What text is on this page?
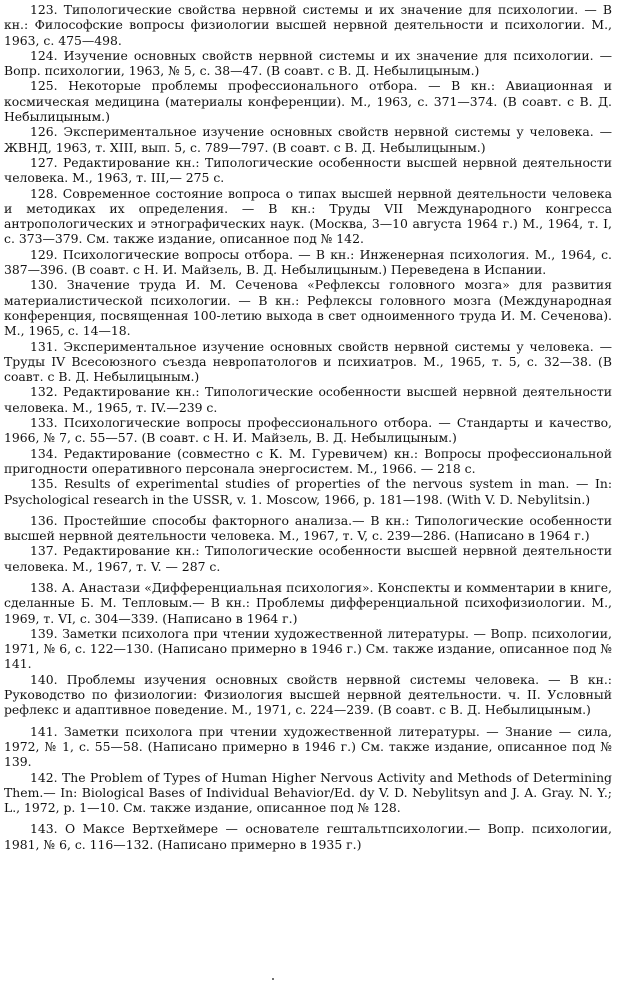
123. Типологические свойства нервной системы и их значение для психологии. — В кн.: Философские вопросы физиологии высшей нервной деятельности и психологии. М., 1963, с. 475—498.

124. Изучение основных свойств нервной системы и их значение для психологии. — Вопр. психологии, 1963, № 5, с. 38—47. (В соавт. с В. Д. Небылицыным.)

125. Некоторые проблемы профессионального отбора. — В кн.: Авиационная и космическая медицина (материалы конференции). М., 1963, с. 371—374. (В соавт. с В. Д. Небылицыным.)

126. Экспериментальное изучение основных свойств нервной системы у человека. — ЖВНД, 1963, т. XIII, вып. 5, с. 789—797. (В соавт. с В. Д. Небылицыным.)

127. Редактирование кн.: Типологические особенности высшей нервной деятельности человека. М., 1963, т. III,— 275 с.

128. Современное состояние вопроса о типах высшей нервной деятельности человека и методиках их определения. — В кн.: Труды VII Международного конгресса антропологических и этнографических наук. (Москва, 3—10 августа 1964 г.) М., 1964, т. I, с. 373—379. См. также издание, описанное под № 142.

129. Психологические вопросы отбора. — В кн.: Инженерная психология. М., 1964, с. 387—396. (В соавт. с Н. И. Майзель, В. Д. Небылицыным.) Переведена в Испании.

130. Значение труда И. М. Сеченова «Рефлексы головного мозга» для развития материалистической психологии. — В кн.: Рефлексы головного мозга (Международная конференция, посвященная 100-летию выхода в свет одноименного труда И. М. Сеченова). М., 1965, с. 14—18.

131. Экспериментальное изучение основных свойств нервной системы у человека. — Труды IV Всесоюзного съезда невропатологов и психиатров. М., 1965, т. 5, с. 32—38. (В соавт. с В. Д. Небылицыным.)

132. Редактирование кн.: Типологические особенности высшей нервной деятельности человека. М., 1965, т. IV.—239 с.

133. Психологические вопросы профессионального отбора. — Стандарты и качество, 1966, № 7, с. 55—57. (В соавт. с Н. И. Майзель, В. Д. Небылицыным.)

134. Редактирование (совместно с К. М. Гуревичем) кн.: Вопросы профессиональной пригодности оперативного персонала энергосистем. М., 1966. — 218 с.

135. Results of experimental studies of properties of the nervous system in man. — In: Psychological research in the USSR, v. 1. Moscow, 1966, p. 181—198. (With V. D. Nebylitsin.)

136. Простейшие способы факторного анализа.— В кн.: Типологические особенности высшей нервной деятельности человека. М., 1967, т. V, с. 239—286. (Написано в 1964 г.)

137. Редактирование кн.: Типологические особенности высшей нервной деятельности человека. М., 1967, т. V. — 287 с.

138. А. Анастази «Дифференциальная психология». Конспекты и комментарии в книге, сделанные Б. М. Тепловым.— В кн.: Проблемы дифференциальной психофизиологии. М., 1969, т. VI, с. 304—339. (Написано в 1964 г.)

139. Заметки психолога при чтении художественной литературы. — Вопр. психологии, 1971, № 6, с. 122—130. (Написано примерно в 1946 г.) См. также издание, описанное под № 141.

140. Проблемы изучения основных свойств нервной системы человека. — В кн.: Руководство по физиологии: Физиология высшей нервной деятельности. ч. II. Условный рефлекс и адаптивное поведение. М., 1971, с. 224—239. (В соавт. с В. Д. Небылицыным.)

141. Заметки психолога при чтении художественной литературы. — Знание — сила, 1972, № 1, с. 55—58. (Написано примерно в 1946 г.) См. также издание, описанное под № 139.

142. The Problem of Types of Human Higher Nervous Activity and Methods of Determining Them.— In: Biological Bases of Individual Behavior/Ed. dy V. D. Nebylitsyn and J. A. Gray. N. Y.; L., 1972, p. 1—10. См. также издание, описанное под № 128.

143. О Максе Вертхеймере — основателе гештальтпсихологии.— Вопр. психологии, 1981, № 6, с. 116—132. (Написано примерно в 1935 г.)
